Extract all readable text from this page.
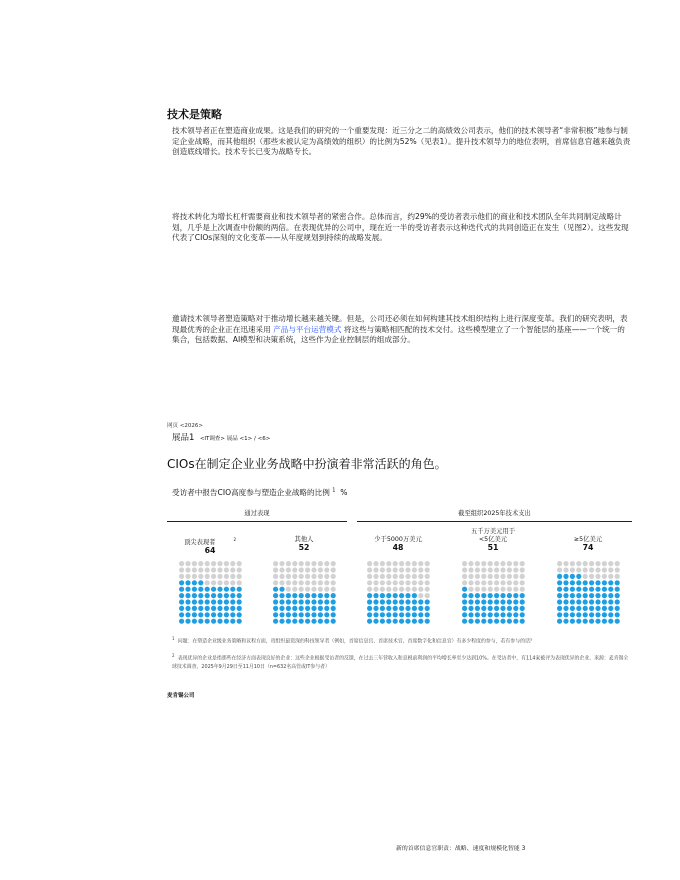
技术是策略

技术领导者正在塑造商业成果。这是我们的研究的一个重要发现：近三分之二的高绩效公司表示，他们的技术领导者“非常积极”地参与制定企业战略，而其他组织（那些未被认定为高绩效的组织）的比例为52%（见表1）。提升技术领导力的地位表明，首席信息官越来越负责创造底线增长。技术专长已变为战略专长。

将技术转化为增长杠杆需要商业和技术领导者的紧密合作。总体而言，约29%的受访者表示他们的商业和技术团队全年共同制定战略计划，几乎是上次调查中份额的两倍。在表现优异的公司中，现在近一半的受访者表示这种迭代式的共同创造正在发生（见图2）。这些发现代表了CIOs深刻的文化变革——从年度规划到持续的战略发展。

邀请技术领导者塑造策略对于推动增长越来越关键。但是，公司还必须在如何构建其技术组织结构上进行深度变革。我们的研究表明，表现最优秀的企业正在迅速采用 产品与平台运营模式 将这些与策略相匹配的技术交付。这些模型建立了一个智能层的基座——一个统一的集合，包括数据、AI模型和决策系统，这些作为企业控制层的组成部分。

网页 <2026>
展品1 <IT调查> 展品 <1> / <6>
CIOs在制定企业业务战略中扮演着非常活跃的角色。
受访者中报告CIO高度参与塑造企业战略的比例 $^1$ %
通过表现	截至组织2025年技术支出
顶尖表现者	$^2$
64
其他人
52
少于5000万美元
48
五千万美元用于
<5亿美元
51
≥5亿美元
74
$^1$  问题：在塑造企业级业务策略和议程方面，贵组织最资深的科技领导者（例如，首席信息官、首席技术官、首席数字化和信息官）有多少程度的参与，若有参与的话？
$^2$  表现优异的企业是指那些在经济方面表现良好的企业：这些企业根据受访者的反馈，在过去三年营收入和息税前利润的平均增长率至少达到10%。在受访者中，有114家被评为表现优异的企业。来源：麦肯锡全球技术调查，2025年9月29日至11月10日（n=632名高管或IT参与者）
麦肯锡公司
新的首席信息官职责：战略、速度和规模化智能 3
